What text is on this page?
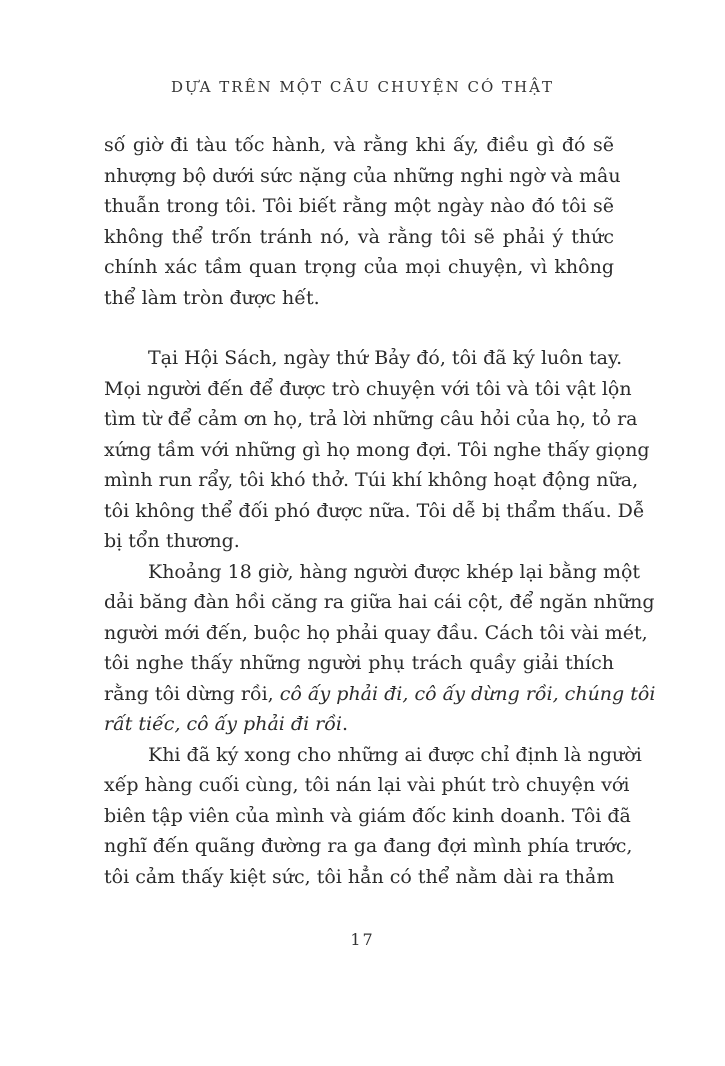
DỰA TRÊN MỘT CÂU CHUYỆN CÓ THẬT

số giờ đi tàu tốc hành, và rằng khi ấy, điều gì đó sẽ
nhượng bộ dưới sức nặng của những nghi ngờ và mâu
thuẫn trong tôi. Tôi biết rằng một ngày nào đó tôi sẽ
không thể trốn tránh nó, và rằng tôi sẽ phải ý thức
chính xác tầm quan trọng của mọi chuyện, vì không
thể làm tròn được hết.

Tại Hội Sách, ngày thứ Bảy đó, tôi đã ký luôn tay.
Mọi người đến để được trò chuyện với tôi và tôi vật lộn
tìm từ để cảm ơn họ, trả lời những câu hỏi của họ, tỏ ra
xứng tầm với những gì họ mong đợi. Tôi nghe thấy giọng
mình run rẩy, tôi khó thở. Túi khí không hoạt động nữa,
tôi không thể đối phó được nữa. Tôi dễ bị thẩm thấu. Dễ
bị tổn thương.

Khoảng 18 giờ, hàng người được khép lại bằng một
dải băng đàn hồi căng ra giữa hai cái cột, để ngăn những
người mới đến, buộc họ phải quay đầu. Cách tôi vài mét,
tôi nghe thấy những người phụ trách quầy giải thích
rằng tôi dừng rồi, cô ấy phải đi, cô ấy dừng rồi, chúng tôi
rất tiếc, cô ấy phải đi rồi.

Khi đã ký xong cho những ai được chỉ định là người
xếp hàng cuối cùng, tôi nán lại vài phút trò chuyện với
biên tập viên của mình và giám đốc kinh doanh. Tôi đã
nghĩ đến quãng đường ra ga đang đợi mình phía trước,
tôi cảm thấy kiệt sức, tôi hẳn có thể nằm dài ra thảm

17
